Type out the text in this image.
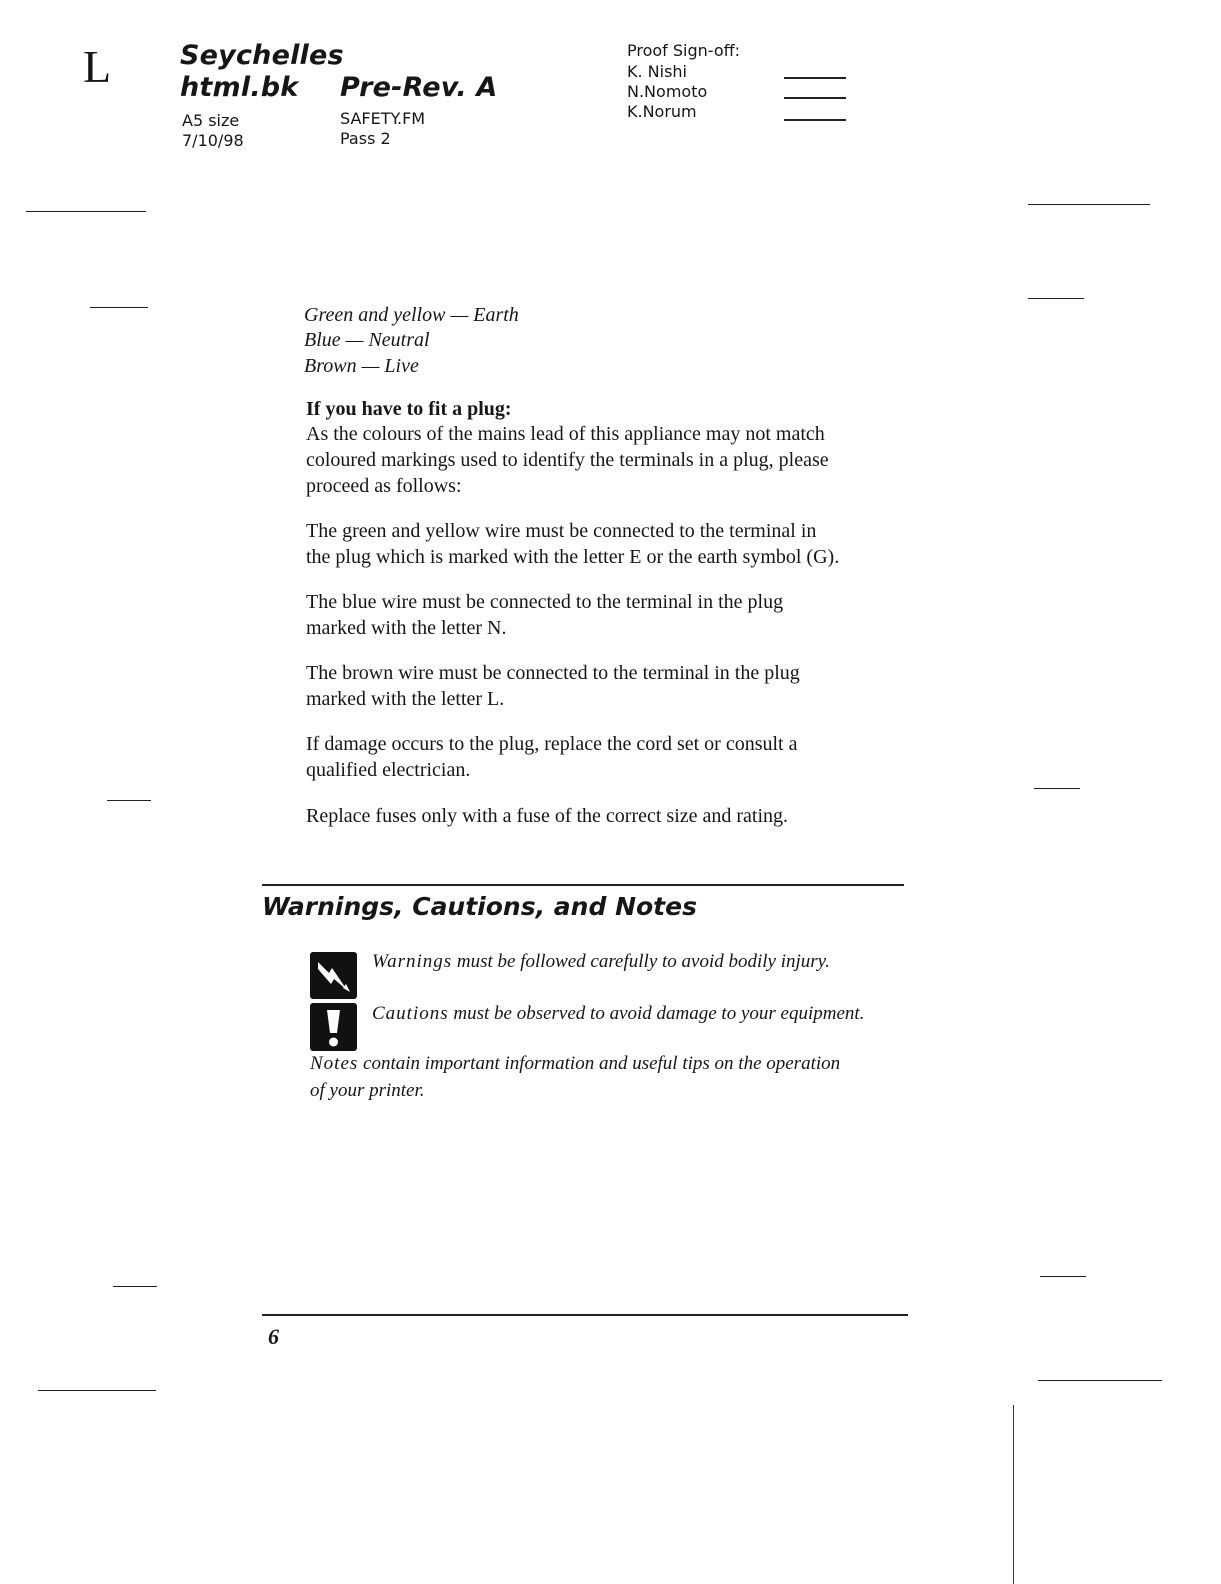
L	Seychelles
html.bk Pre-Rev. A
A5 size
7/10/98
SAFETY.FM
Pass 2
Proof Sign-off:
K. Nishi
N.Nomoto
K.Norum
Green and yellow — Earth
Blue — Neutral
Brown — Live
If you have to fit a plug:
As the colours of the mains lead of this appliance may not match
coloured markings used to identify the terminals in a plug, please
proceed as follows:
The green and yellow wire must be connected to the terminal in
the plug which is marked with the letter E or the earth symbol (G).
The blue wire must be connected to the terminal in the plug
marked with the letter N.
The brown wire must be connected to the terminal in the plug
marked with the letter L.
If damage occurs to the plug, replace the cord set or consult a
qualified electrician.
Replace fuses only with a fuse of the correct size and rating.
Warnings, Cautions, and Notes
Warnings must be followed carefully to avoid bodily injury.
Cautions must be observed to avoid damage to your equipment.
Notes contain important information and useful tips on the operation
of your printer.
6
